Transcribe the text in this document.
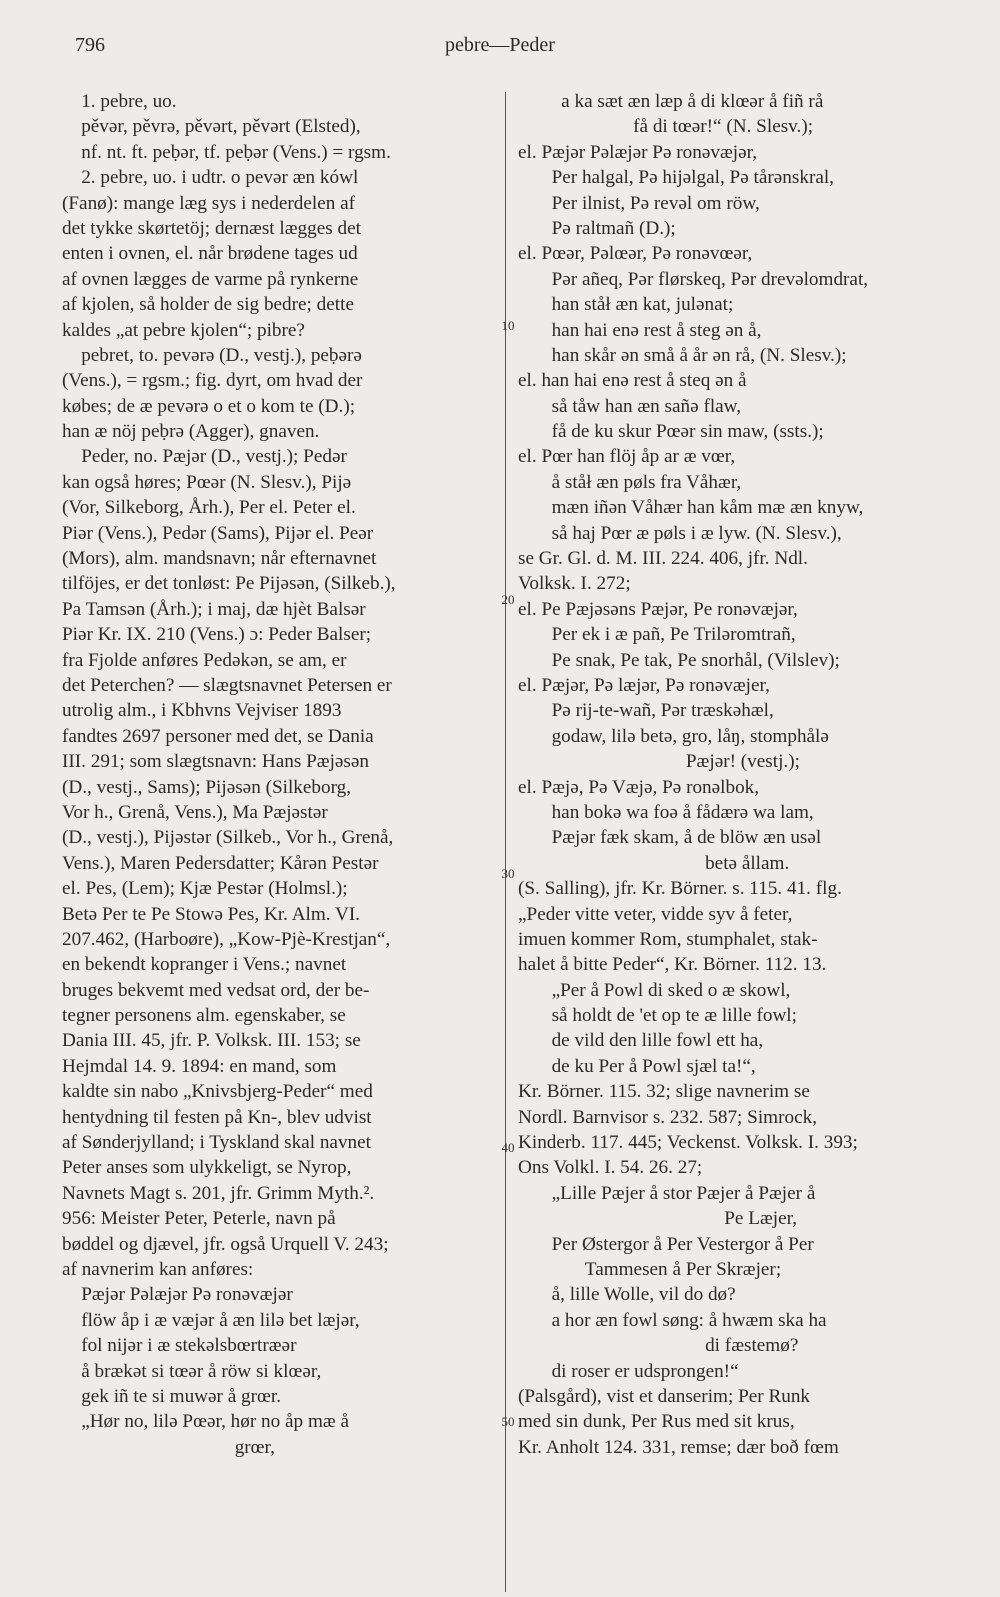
796	pebre—Peder
10
20
30
40
50
1. pebre, uo.
pěvər, pěvrə, pěvərt, pěvərt (Elsted),
nf. nt. ft. peḅər, tf. peḅər (Vens.) = rgsm.
2. pebre, uo. i udtr. o pevər æn kówl
(Fanø): mange læg sys i nederdelen af
det tykke skørtetöj; dernæst lægges det
enten i ovnen, el. når brødene tages ud
af ovnen lægges de varme på rynkerne
af kjolen, så holder de sig bedre; dette
kaldes „at pebre kjolen“; pibre?
pebret, to. pevərə (D., vestj.), peḅərə
(Vens.), = rgsm.; fig. dyrt, om hvad der
købes; de æ pevərə o et o kom te (D.);
han æ nöj peḅrə (Agger), gnaven.
Peder, no. Pæjər (D., vestj.); Pedər
kan også høres; Pœər (N. Slesv.), Pijə
(Vor, Silkeborg, Årh.), Per el. Peter el.
Piər (Vens.), Pedər (Sams), Pijər el. Peər
(Mors), alm. mandsnavn; når efternavnet
tilföjes, er det tonløst: Pe Pijəsən, (Silkeb.),
Pa Tamsən (Årh.); i maj, dæ hjèt Balsər
Piər Kr. IX. 210 (Vens.) ɔ: Peder Balser;
fra Fjolde anføres Pedəkən, se am, er
det Peterchen? — slægtsnavnet Petersen er
utrolig alm., i Kbhvns Vejviser 1893
fandtes 2697 personer med det, se Dania
III. 291; som slægtsnavn: Hans Pæjəsən
(D., vestj., Sams); Pijəsən (Silkeborg,
Vor h., Grenå, Vens.), Ma Pæjəstər
(D., vestj.), Pijəstər (Silkeb., Vor h., Grenå,
Vens.), Maren Pedersdatter; Kårən Pestər
el. Pes, (Lem); Kjæ Pestər (Holmsl.);
Betə Per te Pe Stowə Pes, Kr. Alm. VI.
207.462, (Harboøre), „Kow-Pjè-Krestjan“,
en bekendt kopranger i Vens.; navnet
bruges bekvemt med vedsat ord, der be-
tegner personens alm. egenskaber, se
Dania III. 45, jfr. P. Volksk. III. 153; se
Hejmdal 14. 9. 1894: en mand, som
kaldte sin nabo „Knivsbjerg-Peder“ med
hentydning til festen på Kn-, blev udvist
af Sønderjylland; i Tyskland skal navnet
Peter anses som ulykkeligt, se Nyrop,
Navnets Magt s. 201, jfr. Grimm Myth.².
956: Meister Peter, Peterle, navn på
bøddel og djævel, jfr. også Urquell V. 243;
af navnerim kan anføres:
Pæjər Pəlæjər Pə ronəvæjər
flöw åp i æ væjər å æn lilə bet læjər,
fol nijər i æ stekəlsbœrtræər
å brækət si tœər å röw si klœər,
gek iñ te si muwər å grœr.
„Hør no, lilə Pœər, hør no åp mæ å
grœr,
a ka sæt æn læp å di klœər å fiñ rå
få di tœər!“ (N. Slesv.);
el. Pæjər Pəlæjər Pə ronəvæjər,
Per halgal, Pə hijəlgal, Pə tårənskral,
Per ilnist, Pə revəl om röw,
Pə raltmañ (D.);
el. Pœər, Pəlœər, Pə ronəvœər,
Pər añeq, Pər flørskeq, Pər drevəlomdrat,
han ståł æn kat, julənat;
han hai enə rest å steg ən å,
han skår ən små å år ən rå, (N. Slesv.);
el. han hai enə rest å steq ən å
så tåw han æn sañə flaw,
få de ku skur Pœər sin maw, (ssts.);
el. Pœr han flöj åp ar æ vœr,
å ståł æn pøls fra Våhær,
mæn iñən Våhær han kåm mæ æn knyw,
så haj Pœr æ pøls i æ lyw. (N. Slesv.),
se Gr. Gl. d. M. III. 224. 406, jfr. Ndl.
Volksk. I. 272;
el. Pe Pæjəsəns Pæjər, Pe ronəvæjər,
Per ek i æ pañ, Pe Triləromtrañ,
Pe snak, Pe tak, Pe snorhål, (Vilslev);
el. Pæjər, Pə læjər, Pə ronəvæjer,
Pə rij-te-wañ, Pər træskəhæl,
godaw, lilə betə, gro, låŋ, stomphålə
Pæjər! (vestj.);
el. Pæjə, Pə Væjə, Pə ronəlbok,
han bokə wa foə å fådærə wa lam,
Pæjər fæk skam, å de blöw æn usəl
betə ållam.
(S. Salling), jfr. Kr. Börner. s. 115. 41. flg.
„Peder vitte veter, vidde syv å feter,
imuen kommer Rom, stumphalet, stak-
halet å bitte Peder“, Kr. Börner. 112. 13.
„Per å Powl di sked o æ skowl,
så holdt de 'et op te æ lille fowl;
de vild den lille fowl ett ha,
de ku Per å Powl sjæl ta!“,
Kr. Börner. 115. 32; slige navnerim se
Nordl. Barnvisor s. 232. 587; Simrock,
Kinderb. 117. 445; Veckenst. Volksk. I. 393;
Ons Volkl. I. 54. 26. 27;
„Lille Pæjer å stor Pæjer å Pæjer å
Pe Læjer,
Per Østergor å Per Vestergor å Per
Tammesen å Per Skræjer;
å, lille Wolle, vil do dø?
a hor æn fowl søng: å hwæm ska ha
di fæstemø?
di roser er udsprongen!“
(Palsgård), vist et danserim; Per Runk
med sin dunk, Per Rus med sit krus,
Kr. Anholt 124. 331, remse; dær boð fœm
